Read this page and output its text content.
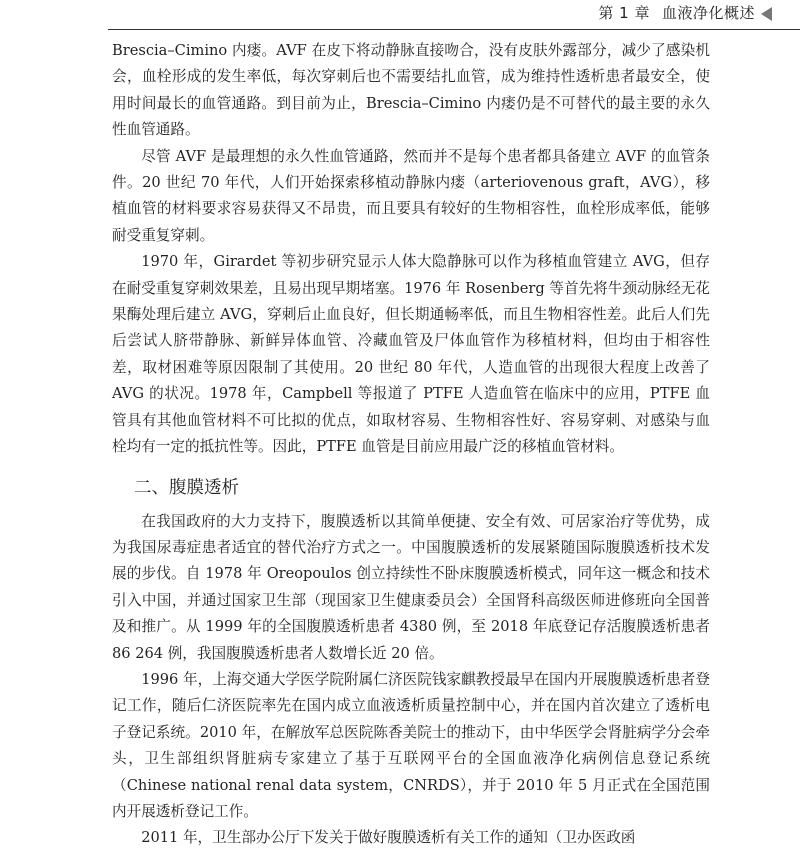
第 1 章 血液净化概述

Brescia–Cimino 内瘘。AVF 在皮下将动静脉直接吻合，没有皮肤外露部分，减少了感染机会，血栓形成的发生率低，每次穿刺后也不需要结扎血管，成为维持性透析患者最安全，使用时间最长的血管通路。到目前为止，Brescia–Cimino 内瘘仍是不可替代的最主要的永久性血管通路。

尽管 AVF 是最理想的永久性血管通路，然而并不是每个患者都具备建立 AVF 的血管条件。20 世纪 70 年代，人们开始探索移植动静脉内瘘（arteriovenous graft，AVG），移植血管的材料要求容易获得又不昂贵，而且要具有较好的生物相容性，血栓形成率低，能够耐受重复穿刺。

1970 年，Girardet 等初步研究显示人体大隐静脉可以作为移植血管建立 AVG，但存在耐受重复穿刺效果差，且易出现早期堵塞。1976 年 Rosenberg 等首先将牛颈动脉经无花果酶处理后建立 AVG，穿刺后止血良好，但长期通畅率低，而且生物相容性差。此后人们先后尝试人脐带静脉、新鲜异体血管、冷藏血管及尸体血管作为移植材料，但均由于相容性差，取材困难等原因限制了其使用。20 世纪 80 年代，人造血管的出现很大程度上改善了 AVG 的状况。1978 年，Campbell 等报道了 PTFE 人造血管在临床中的应用，PTFE 血管具有其他血管材料不可比拟的优点，如取材容易、生物相容性好、容易穿刺、对感染与血栓均有一定的抵抗性等。因此，PTFE 血管是目前应用最广泛的移植血管材料。

二、腹膜透析

在我国政府的大力支持下，腹膜透析以其简单便捷、安全有效、可居家治疗等优势，成为我国尿毒症患者适宜的替代治疗方式之一。中国腹膜透析的发展紧随国际腹膜透析技术发展的步伐。自 1978 年 Oreopoulos 创立持续性不卧床腹膜透析模式，同年这一概念和技术引入中国，并通过国家卫生部（现国家卫生健康委员会）全国肾科高级医师进修班向全国普及和推广。从 1999 年的全国腹膜透析患者 4380 例，至 2018 年底登记存活腹膜透析患者 86 264 例，我国腹膜透析患者人数增长近 20 倍。

1996 年，上海交通大学医学院附属仁济医院钱家麒教授最早在国内开展腹膜透析患者登记工作，随后仁济医院率先在国内成立血液透析质量控制中心，并在国内首次建立了透析电子登记系统。2010 年，在解放军总医院陈香美院士的推动下，由中华医学会肾脏病学分会牵头，卫生部组织肾脏病专家建立了基于互联网平台的全国血液净化病例信息登记系统（Chinese national renal data system，CNRDS），并于 2010 年 5 月正式在全国范围内开展透析登记工作。

2011 年，卫生部办公厅下发关于做好腹膜透析有关工作的通知（卫办医政函
